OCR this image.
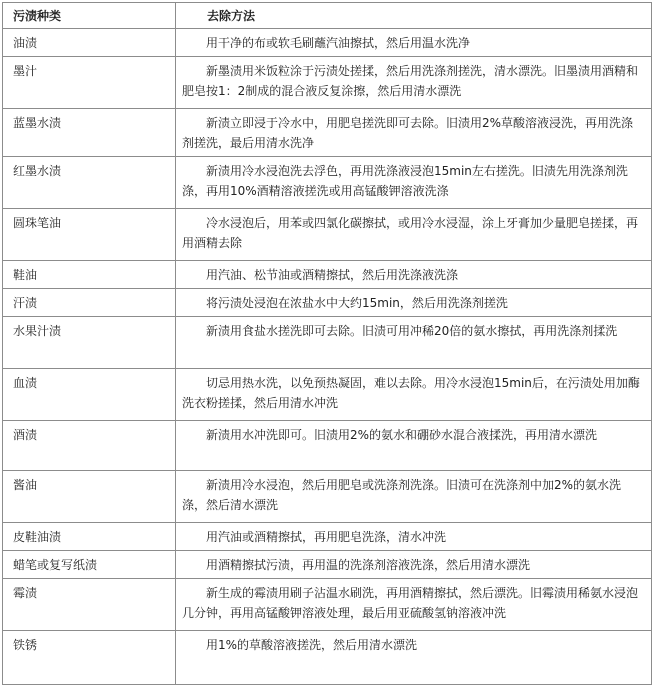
污渍种类	去除方法
油渍	用干净的布或软毛刷蘸汽油擦拭，然后用温水洗净
墨汁	新墨渍用米饭粒涂于污渍处搓揉，然后用洗涤剂搓洗，清水漂洗。旧墨渍用酒精和肥皂按1：2制成的混合液反复涂擦，然后用清水漂洗
蓝墨水渍	新渍立即浸于冷水中，用肥皂搓洗即可去除。旧渍用2%草酸溶液浸洗，再用洗涤剂搓洗，最后用清水洗净
红墨水渍	新渍用冷水浸泡洗去浮色，再用洗涤液浸泡15min左右搓洗。旧渍先用洗涤剂洗涤，再用10%酒精溶液搓洗或用高锰酸钾溶液洗涤
圆珠笔油	冷水浸泡后，用苯或四氯化碳擦拭，或用冷水浸湿，涂上牙膏加少量肥皂搓揉，再用酒精去除
鞋油	用汽油、松节油或酒精擦拭，然后用洗涤液洗涤
汗渍	将污渍处浸泡在浓盐水中大约15min，然后用洗涤剂搓洗
水果汁渍	新渍用食盐水搓洗即可去除。旧渍可用冲稀20倍的氨水擦拭，再用洗涤剂揉洗
血渍	切忌用热水洗，以免预热凝固，难以去除。用冷水浸泡15min后，在污渍处用加酶洗衣粉搓揉，然后用清水冲洗
酒渍	新渍用水冲洗即可。旧渍用2%的氨水和硼砂水混合液揉洗，再用清水漂洗
酱油	新渍用冷水浸泡，然后用肥皂或洗涤剂洗涤。旧渍可在洗涤剂中加2%的氨水洗涤，然后清水漂洗
皮鞋油渍	用汽油或酒精擦拭，再用肥皂洗涤，清水冲洗
蜡笔或复写纸渍	用酒精擦拭污渍，再用温的洗涤剂溶液洗涤，然后用清水漂洗
霉渍	新生成的霉渍用刷子沾温水刷洗，再用酒精擦拭，然后漂洗。旧霉渍用稀氨水浸泡几分钟，再用高锰酸钾溶液处理，最后用亚硫酸氢钠溶液冲洗
铁锈	用1%的草酸溶液搓洗，然后用清水漂洗
